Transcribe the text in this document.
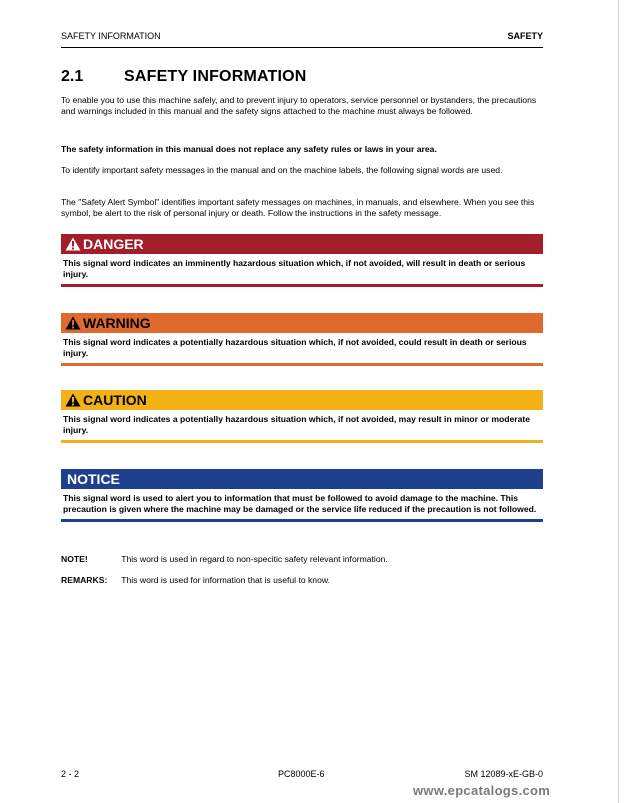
SAFETY INFORMATION	SAFETY
2.1	SAFETY INFORMATION
To enable you to use this machine safely, and to prevent injury to operators, service personnel or bystanders, the precautions and warnings included in this manual and the safety signs attached to the machine must always be followed.
The safety information in this manual does not replace any safety rules or laws in your area.
To identify important safety messages in the manual and on the machine labels, the following signal words are used.
The "Safety Alert Symbol" identifies important safety messages on machines, in manuals, and elsewhere. When you see this symbol, be alert to the risk of personal injury or death. Follow the instructions in the safety message.
DANGER
This signal word indicates an imminently hazardous situation which, if not avoided, will result in death or serious injury.
WARNING
This signal word indicates a potentially hazardous situation which, if not avoided, could result in death or serious injury.
CAUTION
This signal word indicates a potentially hazardous situation which, if not avoided, may result in minor or moderate injury.
NOTICE
This signal word is used to alert you to information that must be followed to avoid damage to the machine. This precaution is given where the machine may be damaged or the service life reduced if the precaution is not followed.
NOTE!	This word is used in regard to non-specitic safety relevant information.
REMARKS: This word is used for information that is useful to know.
2 - 2	PC8000E-6	SM 12089-xE-GB-0
www.epcatalogs.com
